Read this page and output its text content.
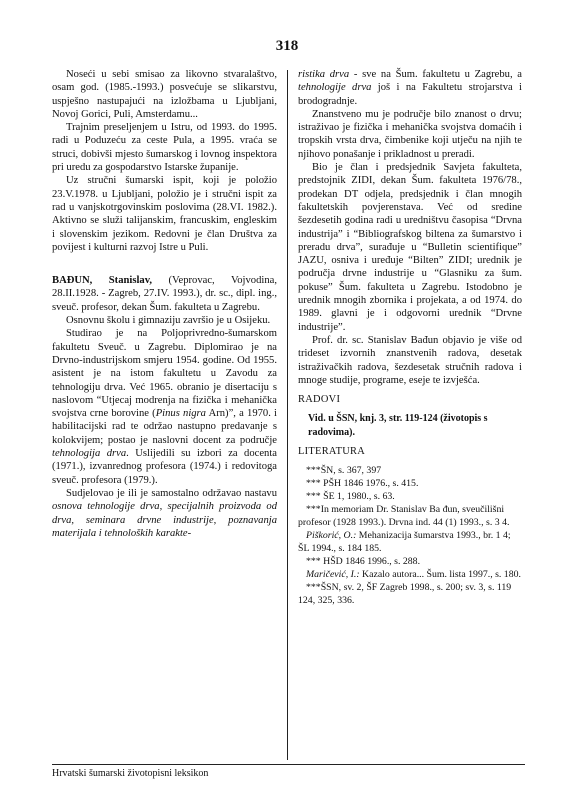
318

Noseći u sebi smisao za likovno stvaralaštvo, osam god. (1985.-1993.) posvećuje se slikarstvu, uspješno nastupajući na izložbama u Ljubljani, Novoj Gorici, Puli, Amsterdamu...

Trajnim preseljenjem u Istru, od 1993. do 1995. radi u Poduzeću za ceste Pula, a 1995. vraća se struci, dobivši mjesto šumarskog i lovnog inspektora pri uredu za gospodarstvo Istarske županije.

Uz stručni šumarski ispit, koji je položio 23.V.1978. u Ljubljani, položio je i stručni ispit za rad u vanjskotrgovinskim poslovima (28.VI. 1982.). Aktivno se služi talijanskim, francuskim, engleskim i slovenskim jezikom. Redovni je član Društva za povijest i kulturni razvoj Istre u Puli.

BAĐUN, Stanislav, (Veprovac, Vojvodina, 28.II.1928. - Zagreb, 27.IV. 1993.), dr. sc., dipl. ing., sveuč. profesor, dekan Šum. fakulteta u Zagrebu.

Osnovnu školu i gimnaziju završio je u Osijeku.

Studirao je na Poljoprivredno-šumarskom fakultetu Sveuč. u Zagrebu. Diplomirao je na Drvno-industrijskom smjeru 1954. godine. Od 1955. asistent je na istom fakultetu u Zavodu za tehnologiju drva. Već 1965. obranio je disertaciju s naslovom “Utjecaj modrenja na fizička i mehanička svojstva crne borovine (Pinus nigra Arn)”, a 1970. i habilitacijski rad te održao nastupno predavanje s kolokvijem; postao je naslovni docent za područje tehnologija drva. Uslijedili su izbori za docenta (1971.), izvanrednog profesora (1974.) i redovitoga sveuč. profesora (1979.).

Sudjelovao je ili je samostalno održavao nastavu osnova tehnologije drva, specijalnih proizvoda od drva, seminara drvne industrije, poznavanja materijala i tehnoloških karakte-

ristika drva - sve na Šum. fakultetu u Zagrebu, a tehnologije drva još i na Fakultetu strojarstva i brodogradnje.

Znanstveno mu je područje bilo znanost o drvu; istraživao je fizička i mehanička svojstva domaćih i tropskih vrsta drva, čimbenike koji utječu na njih te njihovo ponašanje i prikladnost u preradi.

Bio je član i predsjednik Savjeta fakulteta, predstojnik ZIDI, dekan Šum. fakulteta 1976/78., prodekan DT odjela, predsjednik i član mnogih fakultetskih povjerenstava. Već od sredine šezdesetih godina radi u uredništvu časopisa “Drvna industrija” i “Bibliografskog biltena za šumarstvo i preradu drva”, surađuje u “Bulletin scientifique” JAZU, osniva i uređuje “Bilten” ZIDI; urednik je područja drvne industrije u “Glasniku za šum. pokuse” Šum. fakulteta u Zagrebu. Istodobno je urednik mnogih zbornika i projekata, a od 1974. do 1989. glavni je i odgovorni urednik “Drvne industrije”.

Prof. dr. sc. Stanislav Bađun objavio je više od trideset izvornih znanstvenih radova, desetak istraživačkih radova, šezdesetak stručnih radova i mnoge studije, programe, eseje te izvješća.

RADOVI
Vid. u ŠSN, knj. 3, str. 119-124 (životopis s radovima).
LITERATURA

***ŠN, s. 367, 397

*** PŠH 1846 1976., s. 415.

*** ŠE 1, 1980., s. 63.

***In memoriam Dr. Stanislav Ba đun, sveučilišni profesor (1928 1993.). Drvna ind. 44 (1) 1993., s. 3 4.

Piškorić, O.: Mehanizacija šumarstva 1993., br. 1 4; ŠL 1994., s. 184 185.

*** HŠD 1846 1996., s. 288.

Maričević, I.: Kazalo autora... Šum. lista 1997., s. 180.

***ŠSN, sv. 2, ŠF Zagreb 1998., s. 200; sv. 3, s. 119 124, 325, 336.

Hrvatski šumarski životopisni leksikon
